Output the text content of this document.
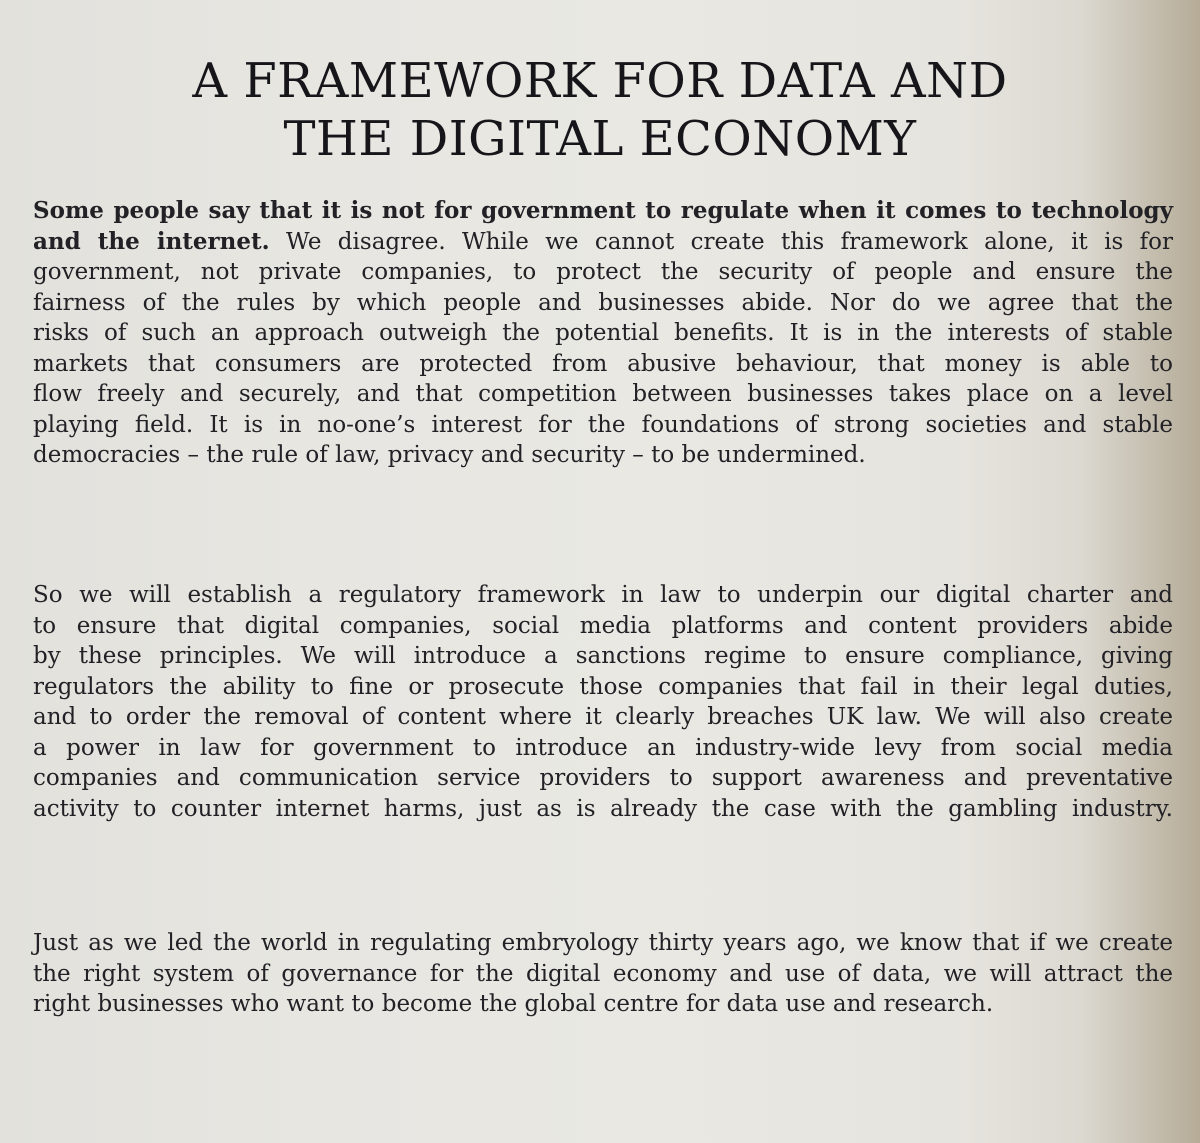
A FRAMEWORK FOR DATA AND
THE DIGITAL ECONOMY
Some people say that it is not for government to regulate when it comes to technology
and the internet. We disagree. While we cannot create this framework alone, it is for
government, not private companies, to protect the security of people and ensure the
fairness of the rules by which people and businesses abide. Nor do we agree that the
risks of such an approach outweigh the potential benefits. It is in the interests of stable
markets that consumers are protected from abusive behaviour, that money is able to
flow freely and securely, and that competition between businesses takes place on a level
playing field. It is in no-one’s interest for the foundations of strong societies and stable
democracies – the rule of law, privacy and security – to be undermined.
So we will establish a regulatory framework in law to underpin our digital charter and
to ensure that digital companies, social media platforms and content providers abide
by these principles. We will introduce a sanctions regime to ensure compliance, giving
regulators the ability to fine or prosecute those companies that fail in their legal duties,
and to order the removal of content where it clearly breaches UK law. We will also create
a power in law for government to introduce an industry-wide levy from social media
companies and communication service providers to support awareness and preventative
activity to counter internet harms, just as is already the case with the gambling industry.
Just as we led the world in regulating embryology thirty years ago, we know that if we create
the right system of governance for the digital economy and use of data, we will attract the
right businesses who want to become the global centre for data use and research.
